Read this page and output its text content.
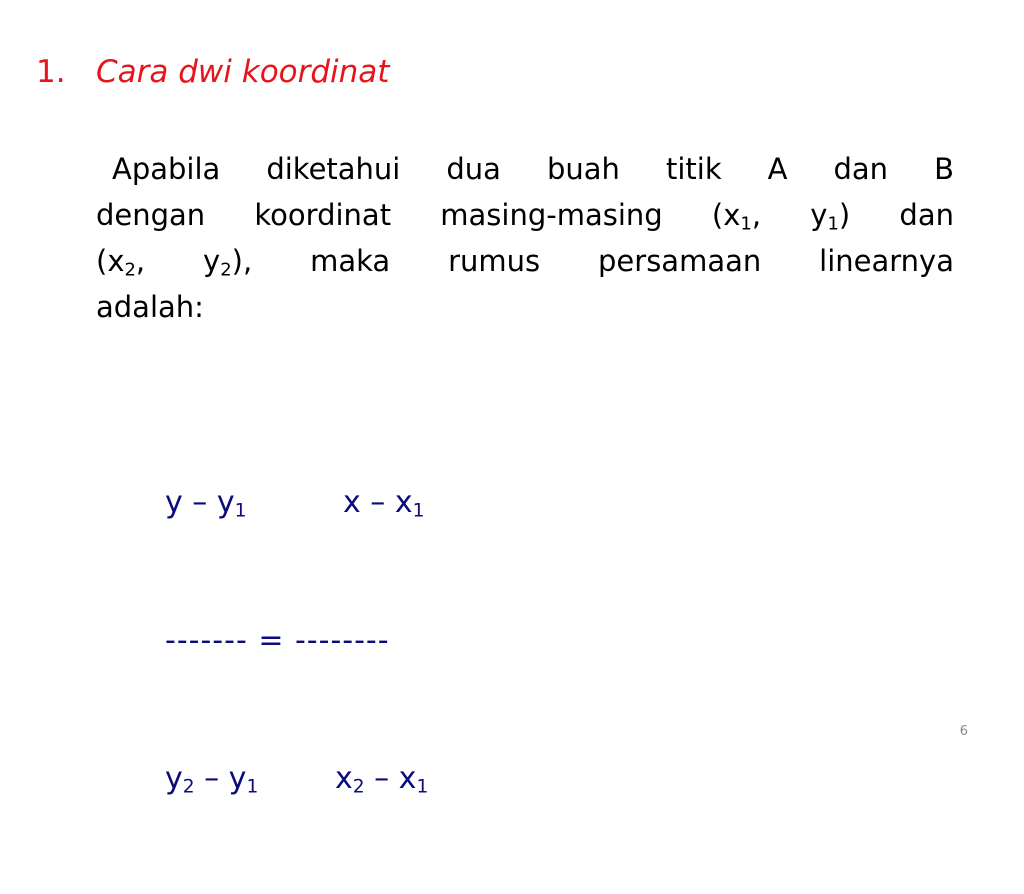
1. Cara dwi koordinat
Apabila diketahui dua buah titik A dan B
dengan koordinat masing-masing ($x_1$, $y_1$) dan
($x_2$, $y_2$), maka rumus persamaan linearnya
adalah:

y – $y_1$	x – $x_1$

------- = --------

$y_2 - y_1$	$x_2 - x_1$

6
